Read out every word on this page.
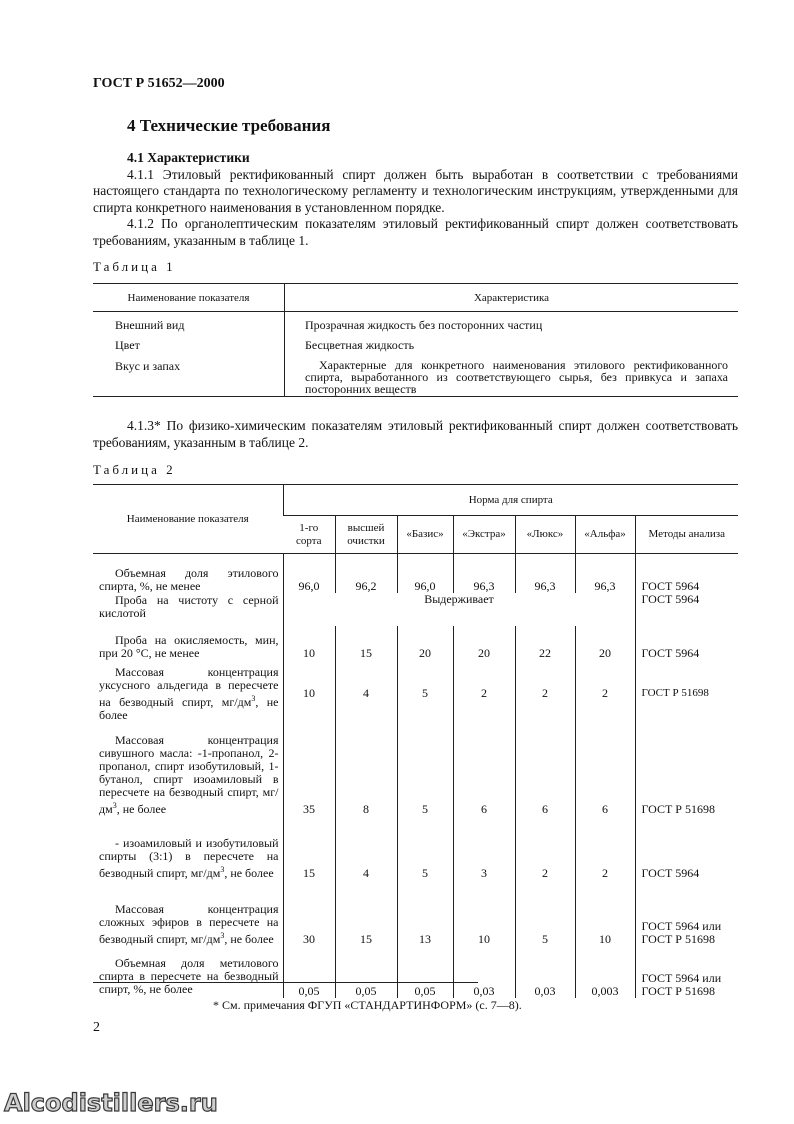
ГОСТ Р 51652—2000
4 Технические требования

4.1 Характеристики

4.1.1 Этиловый ректификованный спирт должен быть выработан в соответствии с требованиями настоящего стандарта по технологическому регламенту и технологическим инструкциям, утвержденными для спирта конкретного наименования в установленном порядке.

4.1.2 По органолептическим показателям этиловый ректификованный спирт должен соответствовать требованиям, указанным в таблице 1.

Таблица 1
Наименование показателя	Характеристика
Внешний вид	Прозрачная жидкость без посторонних частиц
Цвет	Бесцветная жидкость
Вкус и запах	Характерные для конкретного наименования этилового ректификованного спирта, выработанного из соответствующего сырья, без привкуса и запаха посторонних веществ

4.1.3* По физико-химическим показателям этиловый ректификованный спирт должен соответствовать требованиям, указанным в таблице 2.

Таблица 2
Наименование показателя	Норма для спирта						
	1-го сорта	высшей очистки	«Базис»	«Экстра»	«Люкс»	«Альфа»	Методы анализа
Объемная доля этилового спирта, %, не менее	96,0	96,2	96,0	96,3	96,3	96,3	ГОСТ 5964
Проба на чистоту с серной кислотой	Выдерживает						ГОСТ 5964
Проба на окисляемость, мин, при 20 °С, не менее	10	15	20	20	22	20	ГОСТ 5964
Массовая концентрация уксусного альдегида в пересчете на безводный спирт, $мг/дм^3$, не более	10	4	5	2	2	2	ГОСТ Р 51698
Массовая концентрация сивушного масла: -1-пропанол, 2-пропанол, спирт изобутиловый, 1-бутанол, спирт изоамиловый в пересчете на безводный спирт, $мг/дм^3$, не более	35	8	5	6	6	6	ГОСТ Р 51698
- изоамиловый и изобутиловый спирты (3:1) в пересчете на безводный спирт, $мг/дм^3$, не более	15	4	5	3	2	2	ГОСТ 5964
Массовая концентрация сложных эфиров в пересчете на безводный спирт, $мг/дм^3$, не более	30	15	13	10	5	10	ГОСТ 5964 или ГОСТ Р 51698
Объемная доля метилового спирта в пересчете на безводный спирт, %, не более	0,05	0,05	0,05	0,03	0,03	0,003	ГОСТ 5964 или ГОСТ Р 51698
* См. примечания ФГУП «СТАНДАРТИНФОРМ» (с. 7—8).
2
Alcodistillers.ru
